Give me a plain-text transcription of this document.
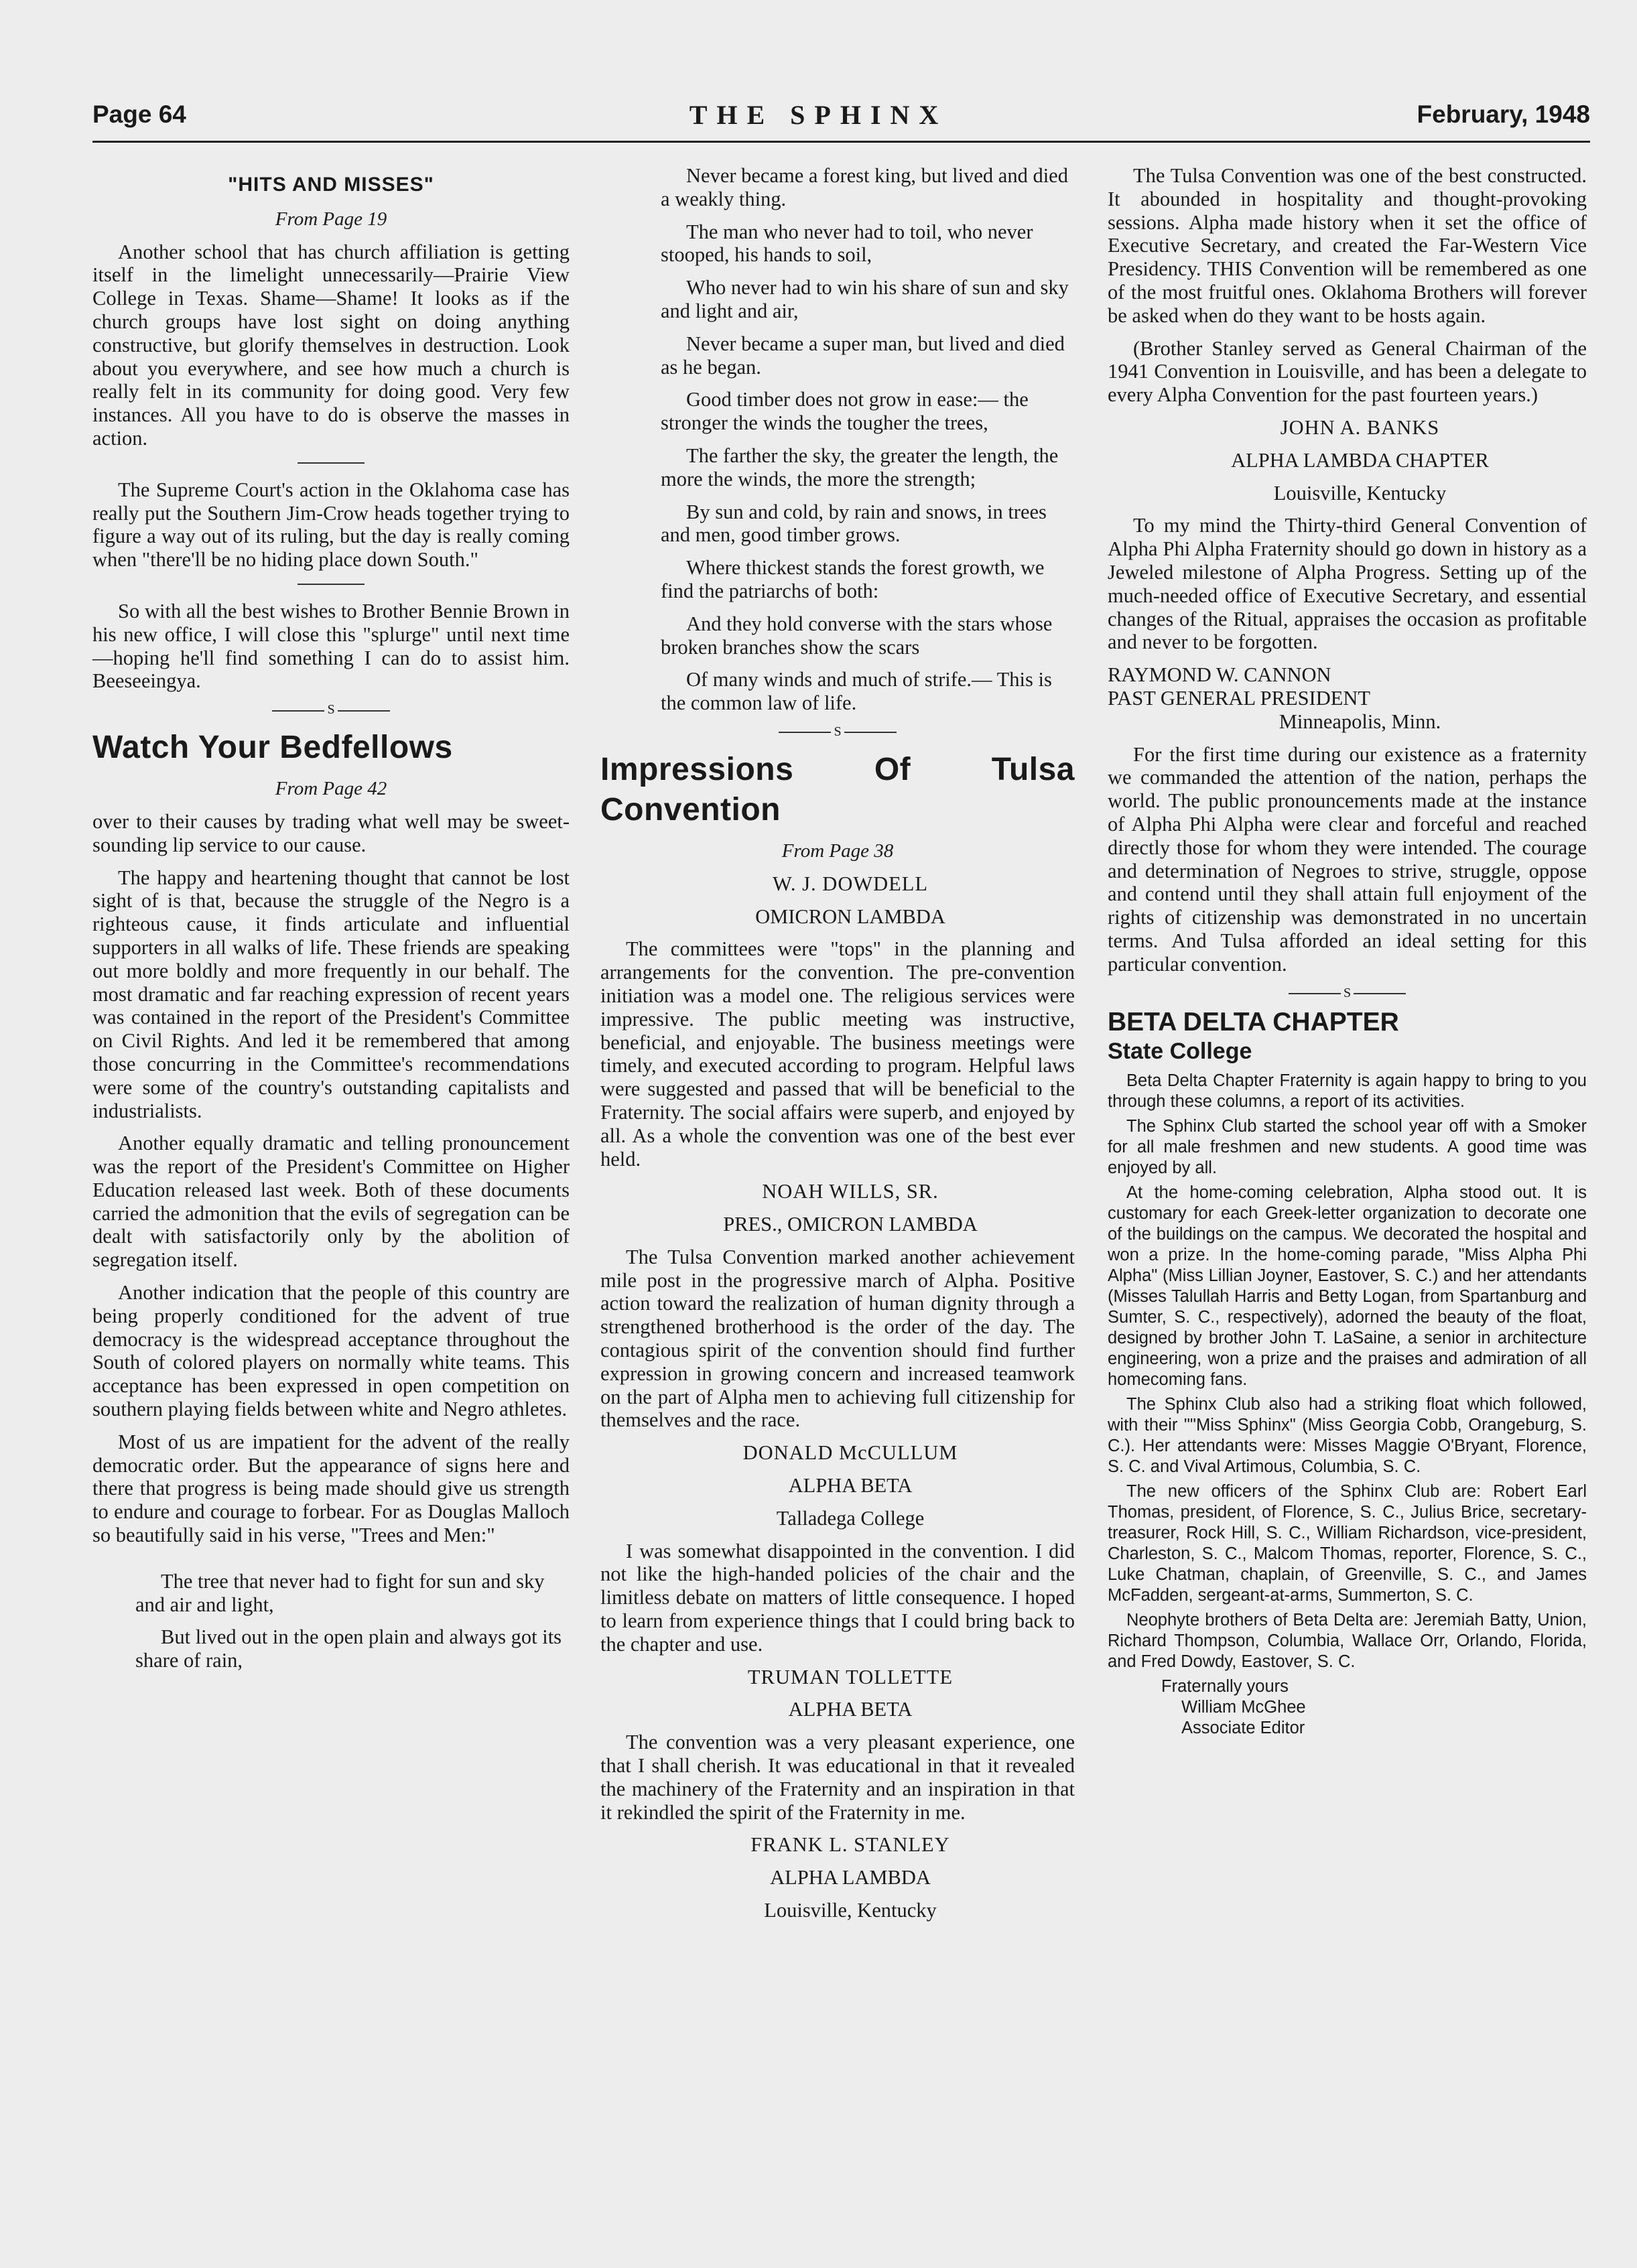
Page 64	THE SPHINX	February, 1948
"HITS AND MISSES"
From Page 19

Another school that has church affiliation is getting itself in the limelight unnecessarily—Prairie View College in Texas. Shame—Shame! It looks as if the church groups have lost sight on doing anything constructive, but glorify themselves in destruction. Look about you everywhere, and see how much a church is really felt in its community for doing good. Very few instances. All you have to do is observe the masses in action.

The Supreme Court's action in the Oklahoma case has really put the Southern Jim-Crow heads together trying to figure a way out of its ruling, but the day is really coming when "there'll be no hiding place down South."

So with all the best wishes to Brother Bennie Brown in his new office, I will close this "splurge" until next time—hoping he'll find something I can do to assist him. Beeseeingya.

S
Watch Your Bedfellows
From Page 42

over to their causes by trading what well may be sweet-sounding lip service to our cause.

The happy and heartening thought that cannot be lost sight of is that, because the struggle of the Negro is a righteous cause, it finds articulate and influential supporters in all walks of life. These friends are speaking out more boldly and more frequently in our behalf. The most dramatic and far reaching expression of recent years was contained in the report of the President's Committee on Civil Rights. And led it be remembered that among those concurring in the Committee's recommendations were some of the country's outstanding capitalists and industrialists.

Another equally dramatic and telling pronouncement was the report of the President's Committee on Higher Education released last week. Both of these documents carried the admonition that the evils of segregation can be dealt with satisfactorily only by the abolition of segregation itself.

Another indication that the people of this country are being properly conditioned for the advent of true democracy is the widespread acceptance throughout the South of colored players on normally white teams. This acceptance has been expressed in open competition on southern playing fields between white and Negro athletes.

Most of us are impatient for the advent of the really democratic order. But the appearance of signs here and there that progress is being made should give us strength to endure and courage to forbear. For as Douglas Malloch so beautifully said in his verse, "Trees and Men:"

The tree that never had to fight for sun and sky and air and light,

But lived out in the open plain and always got its share of rain,

Never became a forest king, but lived and died a weakly thing.

The man who never had to toil, who never stooped, his hands to soil,

Who never had to win his share of sun and sky and light and air,

Never became a super man, but lived and died as he began.

Good timber does not grow in ease:— the stronger the winds the tougher the trees,

The farther the sky, the greater the length, the more the winds, the more the strength;

By sun and cold, by rain and snows, in trees and men, good timber grows.

Where thickest stands the forest growth, we find the patriarchs of both:

And they hold converse with the stars whose broken branches show the scars

Of many winds and much of strife.— This is the common law of life.

S
Impressions Of Tulsa Convention
From Page 38

W. J. DOWDELL

OMICRON LAMBDA

The committees were "tops" in the planning and arrangements for the convention. The pre-convention initiation was a model one. The religious services were impressive. The public meeting was instructive, beneficial, and enjoyable. The business meetings were timely, and executed according to program. Helpful laws were suggested and passed that will be beneficial to the Fraternity. The social affairs were superb, and enjoyed by all. As a whole the convention was one of the best ever held.

NOAH WILLS, SR.

PRES., OMICRON LAMBDA

The Tulsa Convention marked another achievement mile post in the progressive march of Alpha. Positive action toward the realization of human dignity through a strengthened brotherhood is the order of the day. The contagious spirit of the convention should find further expression in growing concern and increased teamwork on the part of Alpha men to achieving full citizenship for themselves and the race.

DONALD McCULLUM

ALPHA BETA

Talladega College

I was somewhat disappointed in the convention. I did not like the high-handed policies of the chair and the limitless debate on matters of little consequence. I hoped to learn from experience things that I could bring back to the chapter and use.

TRUMAN TOLLETTE

ALPHA BETA

The convention was a very pleasant experience, one that I shall cherish. It was educational in that it revealed the machinery of the Fraternity and an inspiration in that it rekindled the spirit of the Fraternity in me.

FRANK L. STANLEY

ALPHA LAMBDA

Louisville, Kentucky

The Tulsa Convention was one of the best constructed. It abounded in hospitality and thought-provoking sessions. Alpha made history when it set the office of Executive Secretary, and created the Far-Western Vice Presidency. THIS Convention will be remembered as one of the most fruitful ones. Oklahoma Brothers will forever be asked when do they want to be hosts again.

(Brother Stanley served as General Chairman of the 1941 Convention in Louisville, and has been a delegate to every Alpha Convention for the past fourteen years.)

JOHN A. BANKS

ALPHA LAMBDA CHAPTER

Louisville, Kentucky

To my mind the Thirty-third General Convention of Alpha Phi Alpha Fraternity should go down in history as a Jeweled milestone of Alpha Progress. Setting up of the much-needed office of Executive Secretary, and essential changes of the Ritual, appraises the occasion as profitable and never to be forgotten.

RAYMOND W. CANNON

PAST GENERAL PRESIDENT

Minneapolis, Minn.

For the first time during our existence as a fraternity we commanded the attention of the nation, perhaps the world. The public pronouncements made at the instance of Alpha Phi Alpha were clear and forceful and reached directly those for whom they were intended. The courage and determination of Negroes to strive, struggle, oppose and contend until they shall attain full enjoyment of the rights of citizenship was demonstrated in no uncertain terms. And Tulsa afforded an ideal setting for this particular convention.

S
BETA DELTA CHAPTER
State College

Beta Delta Chapter Fraternity is again happy to bring to you through these columns, a report of its activities.

The Sphinx Club started the school year off with a Smoker for all male freshmen and new students. A good time was enjoyed by all.

At the home-coming celebration, Alpha stood out. It is customary for each Greek-letter organization to decorate one of the buildings on the campus. We decorated the hospital and won a prize. In the home-coming parade, "Miss Alpha Phi Alpha" (Miss Lillian Joyner, Eastover, S. C.) and her attendants (Misses Talullah Harris and Betty Logan, from Spartanburg and Sumter, S. C., respectively), adorned the beauty of the float, designed by brother John T. LaSaine, a senior in architecture engineering, won a prize and the praises and admiration of all homecoming fans.

The Sphinx Club also had a striking float which followed, with their ""Miss Sphinx" (Miss Georgia Cobb, Orangeburg, S. C.). Her attendants were: Misses Maggie O'Bryant, Florence, S. C. and Vival Artimous, Columbia, S. C.

The new officers of the Sphinx Club are: Robert Earl Thomas, president, of Florence, S. C., Julius Brice, secretary-treasurer, Rock Hill, S. C., William Richardson, vice-president, Charleston, S. C., Malcom Thomas, reporter, Florence, S. C., Luke Chatman, chaplain, of Greenville, S. C., and James McFadden, sergeant-at-arms, Summerton, S. C.

Neophyte brothers of Beta Delta are: Jeremiah Batty, Union, Richard Thompson, Columbia, Wallace Orr, Orlando, Florida, and Fred Dowdy, Eastover, S. C.

Fraternally yours

William McGhee

Associate Editor
